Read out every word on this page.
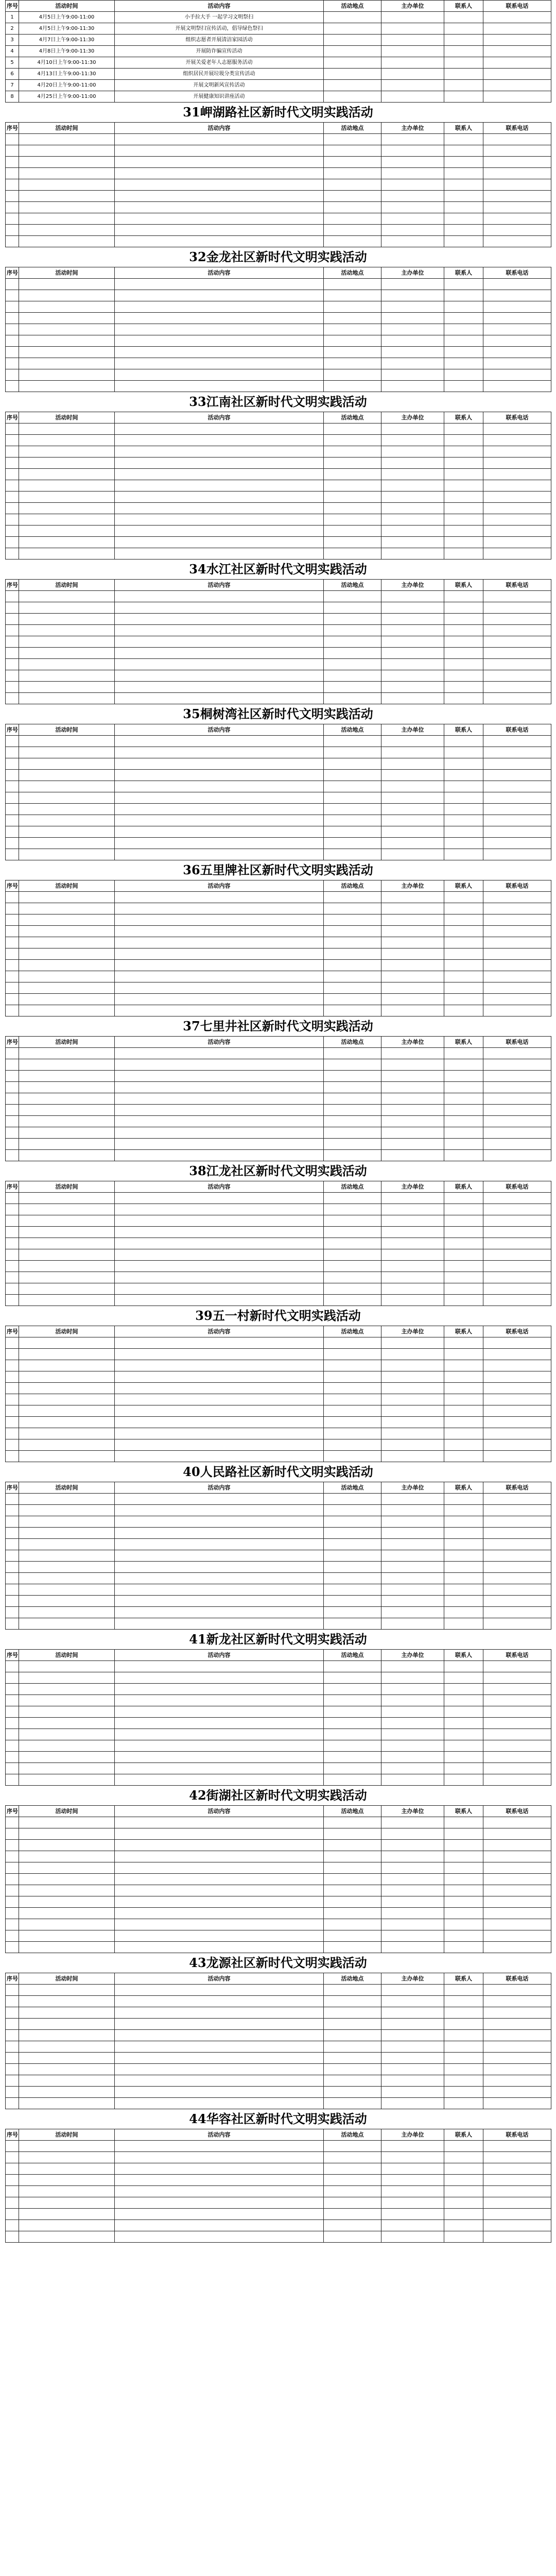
序号	活动时间	活动内容	活动地点	主办单位	联系人	联系电话
1	4月5日上午9:00-11:00	小手拉大手 一起学习文明祭扫				
2	4月5日上午9:00-11:30	开展文明祭扫宣传活动，倡导绿色祭扫				
3	4月7日上午9:00-11:30	组织志愿者开展清洁家园活动				
4	4月8日上午9:00-11:30	开展防诈骗宣传活动				
5	4月10日上午9:00-11:30	开展关爱老年人志愿服务活动				
6	4月13日上午9:00-11:30	组织居民开展垃圾分类宣传活动				
7	4月20日上午9:00-11:00	开展文明新风宣传活动				
8	4月25日上午9:00-11:00	开展健康知识讲座活动				
31岬湖路社区新时代文明实践活动
序号	活动时间	活动内容	活动地点	主办单位	联系人	联系电话

32金龙社区新时代文明实践活动
序号	活动时间	活动内容	活动地点	主办单位	联系人	联系电话

33江南社区新时代文明实践活动
序号	活动时间	活动内容	活动地点	主办单位	联系人	联系电话

34水江社区新时代文明实践活动
序号	活动时间	活动内容	活动地点	主办单位	联系人	联系电话

35桐树湾社区新时代文明实践活动
序号	活动时间	活动内容	活动地点	主办单位	联系人	联系电话

36五里牌社区新时代文明实践活动
序号	活动时间	活动内容	活动地点	主办单位	联系人	联系电话

37七里井社区新时代文明实践活动
序号	活动时间	活动内容	活动地点	主办单位	联系人	联系电话

38江龙社区新时代文明实践活动
序号	活动时间	活动内容	活动地点	主办单位	联系人	联系电话

39五一村新时代文明实践活动
序号	活动时间	活动内容	活动地点	主办单位	联系人	联系电话

40人民路社区新时代文明实践活动
序号	活动时间	活动内容	活动地点	主办单位	联系人	联系电话

41新龙社区新时代文明实践活动
序号	活动时间	活动内容	活动地点	主办单位	联系人	联系电话

42街湖社区新时代文明实践活动
序号	活动时间	活动内容	活动地点	主办单位	联系人	联系电话

43龙源社区新时代文明实践活动
序号	活动时间	活动内容	活动地点	主办单位	联系人	联系电话

44华容社区新时代文明实践活动
序号	活动时间	活动内容	活动地点	主办单位	联系人	联系电话
